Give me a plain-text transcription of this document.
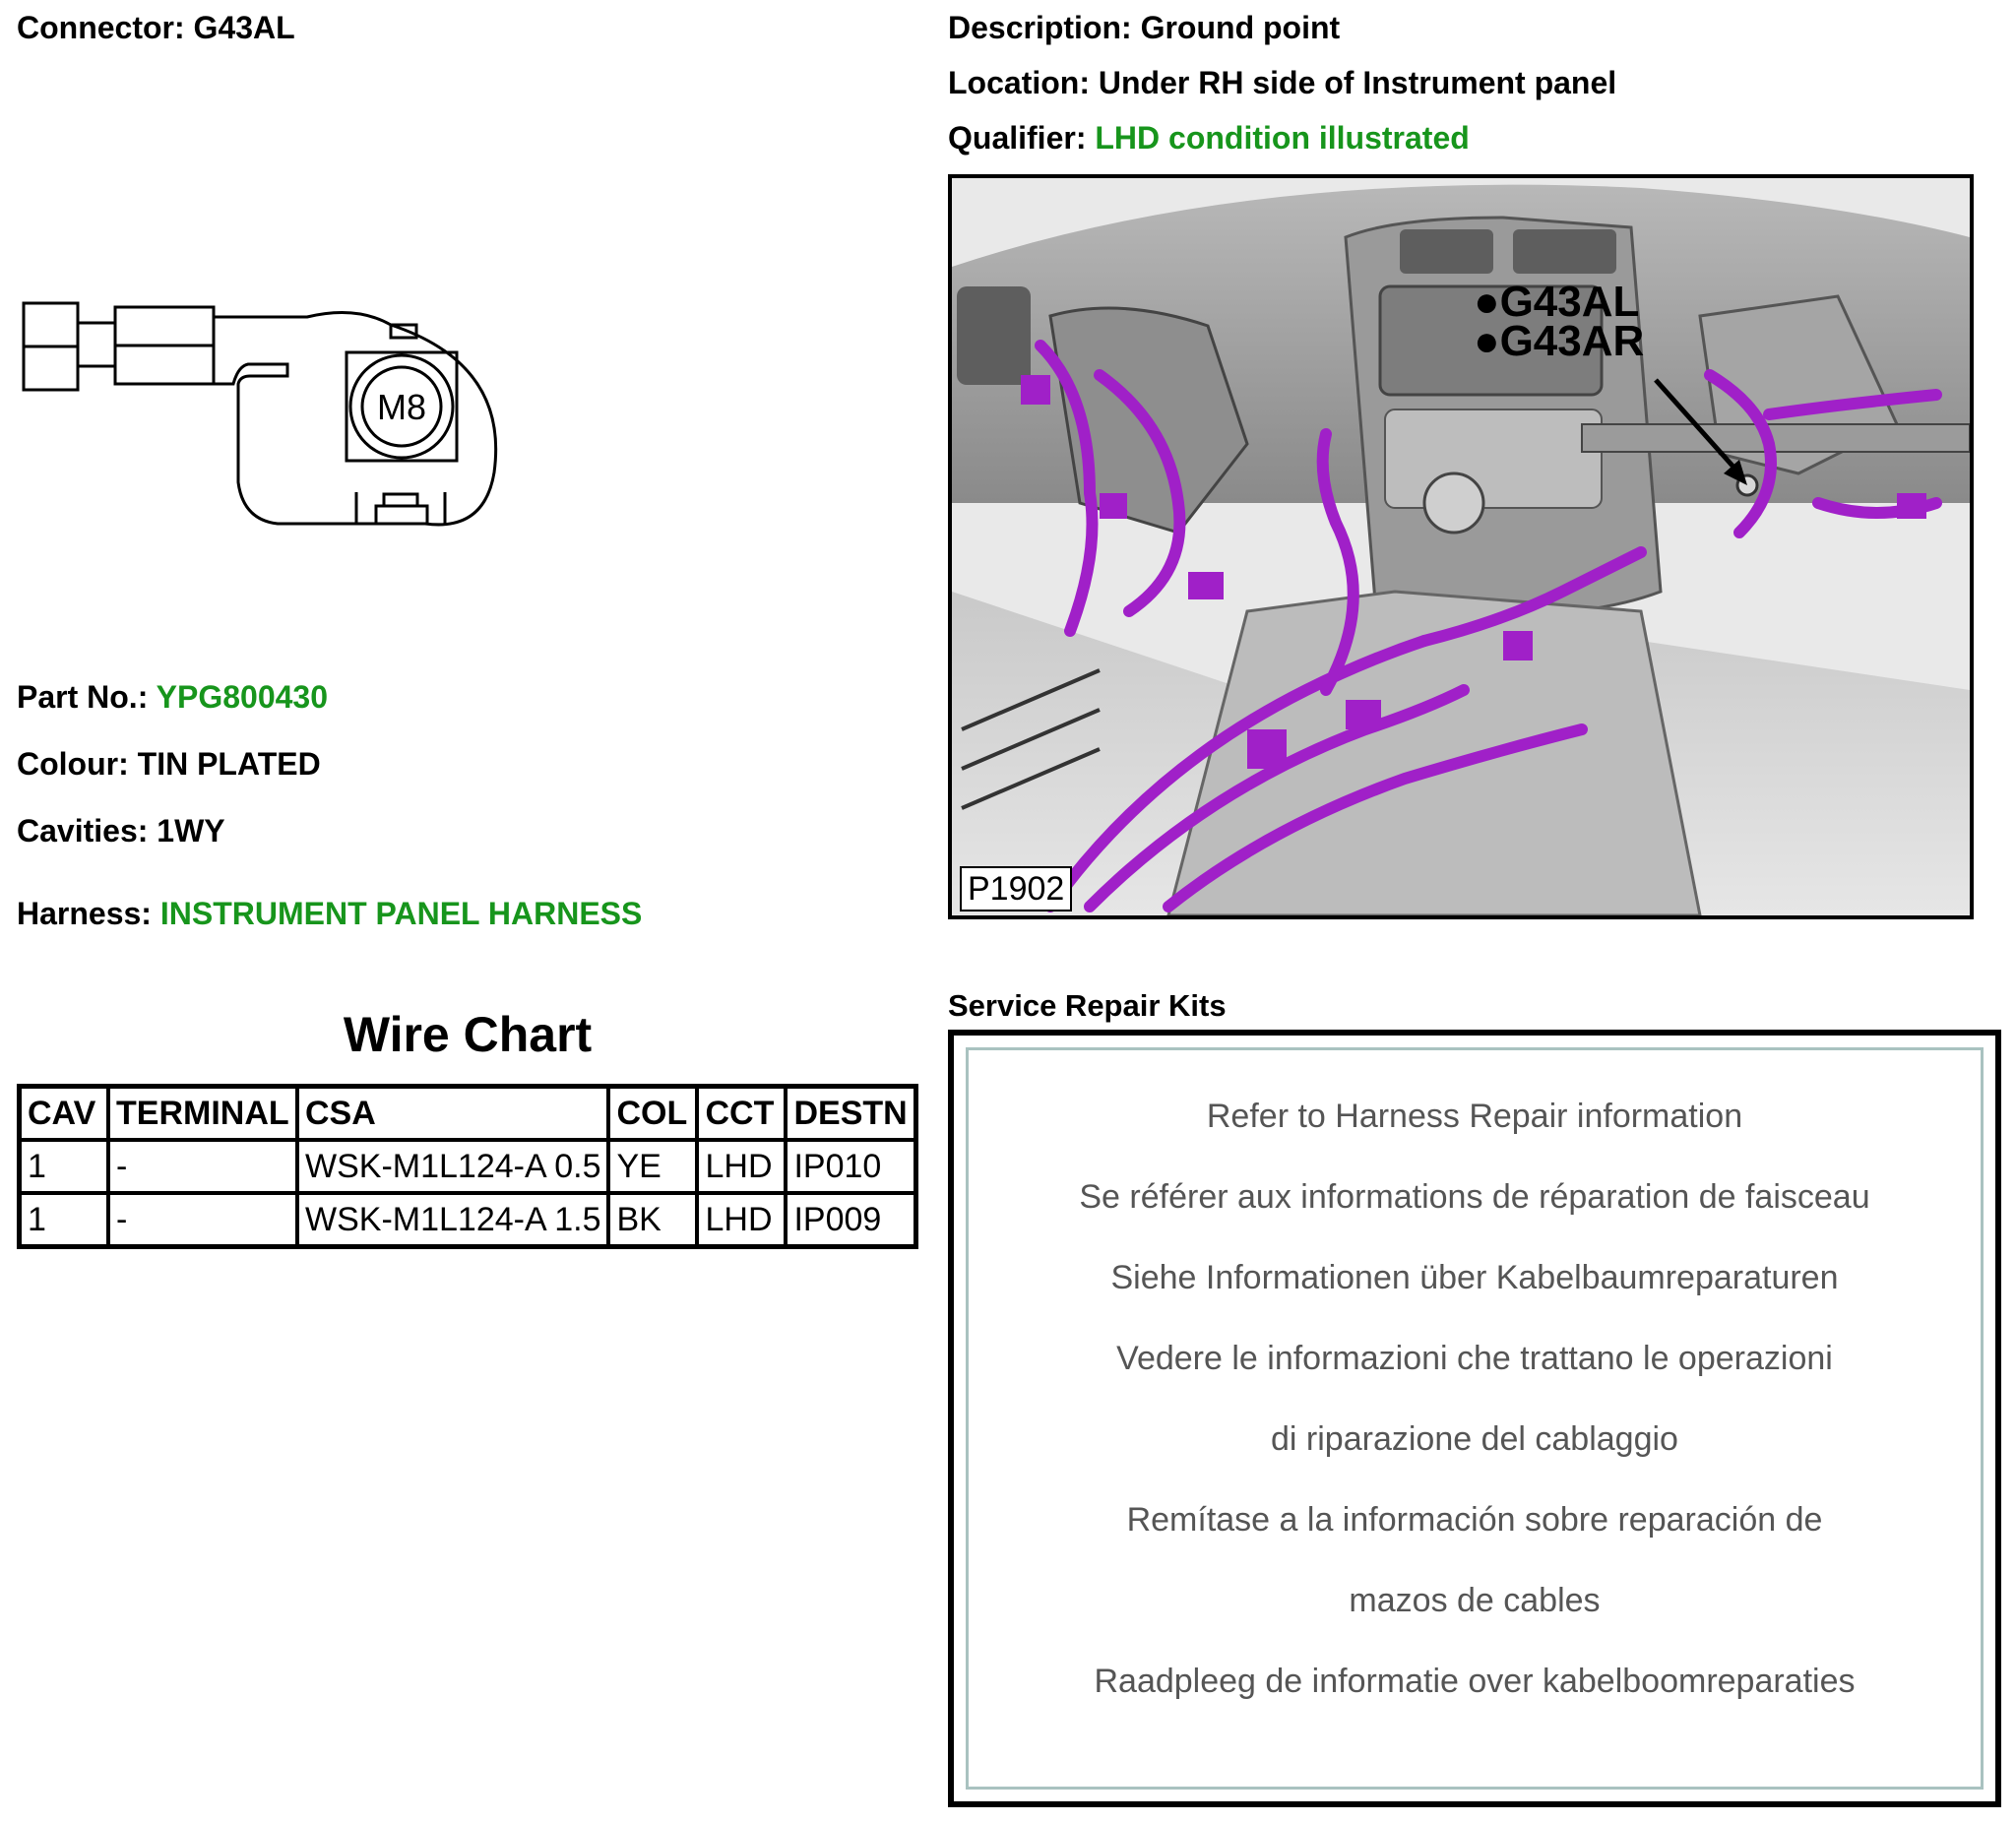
Connector: G43AL
M8
Part No.: YPG800430
Colour: TIN PLATED
Cavities: 1WY
Harness: INSTRUMENT PANEL HARNESS
Wire Chart
CAV	TERMINAL	CSA	COL	CCT	DESTN
1	-	WSK-M1L124-A 0.5	YE	LHD	IP010
1	-	WSK-M1L124-A 1.5	BK	LHD	IP009
Description: Ground point
Location: Under RH side of Instrument panel
Qualifier: LHD condition illustrated
●G43AL
●G43AR
P1902
Service Repair Kits
Refer to Harness Repair information
Se référer aux informations de réparation de faisceau
Siehe Informationen über Kabelbaumreparaturen
Vedere le informazioni che trattano le operazioni
di riparazione del cablaggio
Remítase a la información sobre reparación de
mazos de cables
Raadpleeg de informatie over kabelboomreparaties
